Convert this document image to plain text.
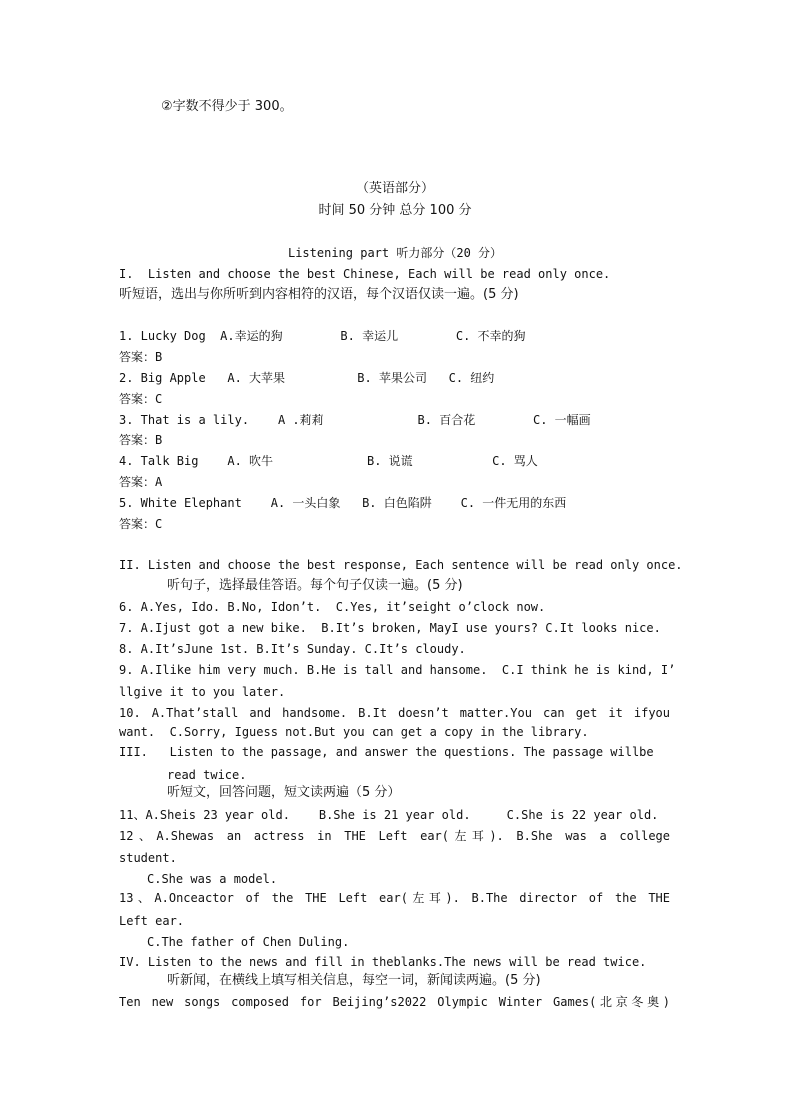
②字数不得少于 300。
（英语部分）
时间 50 分钟 总分 100 分
Listening part 听力部分（20 分）
I.  Listen and choose the best Chinese, Each will be read only once.
听短语，选出与你所听到内容相符的汉语，每个汉语仅读一遍。(5 分)
1. Lucky Dog  A.幸运的狗        B. 幸运儿        C. 不幸的狗
答案：B
2. Big Apple   A. 大苹果          B. 苹果公司   C. 纽约
答案：C
3. That is a lily.    A .莉莉             B. 百合花        C. 一幅画
答案：B
4. Talk Big    A. 吹牛             B. 说谎           C. 骂人
答案：A
5. White Elephant    A. 一头白象   B. 白色陷阱    C. 一件无用的东西
答案：C
II. Listen and choose the best response, Each sentence will be read only once.
听句子，选择最佳答语。每个句子仅读一遍。(5 分)
6. A.Yes, Ido. B.No, Idon’t.  C.Yes, it’seight o’clock now.
7. A.Ijust got a new bike.  B.It’s broken, MayI use yours? C.It looks nice.
8. A.It’sJune 1st. B.It’s Sunday. C.It’s cloudy.
9. A.Ilike him very much. B.He is tall and hansome.  C.I think he is kind, I’
llgive it to you later.
10. A.That’stall and handsome. B.It doesn’t matter.You can get it ifyou
want.  C.Sorry, Iguess not.But you can get a copy in the library.
III.   Listen to the passage, and answer the questions. The passage willbe
read twice.
听短文，回答问题，短文读两遍（5 分）
11、A.Sheis 23 year old.    B.She is 21 year old.     C.She is 22 year old.
12、A.Shewas an actress in THE Left ear(左耳). B.She was a college
student.
C.She was a model.
13、A.Onceactor of the THE Left ear(左耳). B.The director of the THE
Left ear.
C.The father of Chen Duling.
IV. Listen to the news and fill in theblanks.The news will be read twice.
听新闻，在横线上填写相关信息，每空一词，新闻读两遍。(5 分)
Ten new songs composed for Beijing’s2022 Olympic Winter Games(北京冬奥)
